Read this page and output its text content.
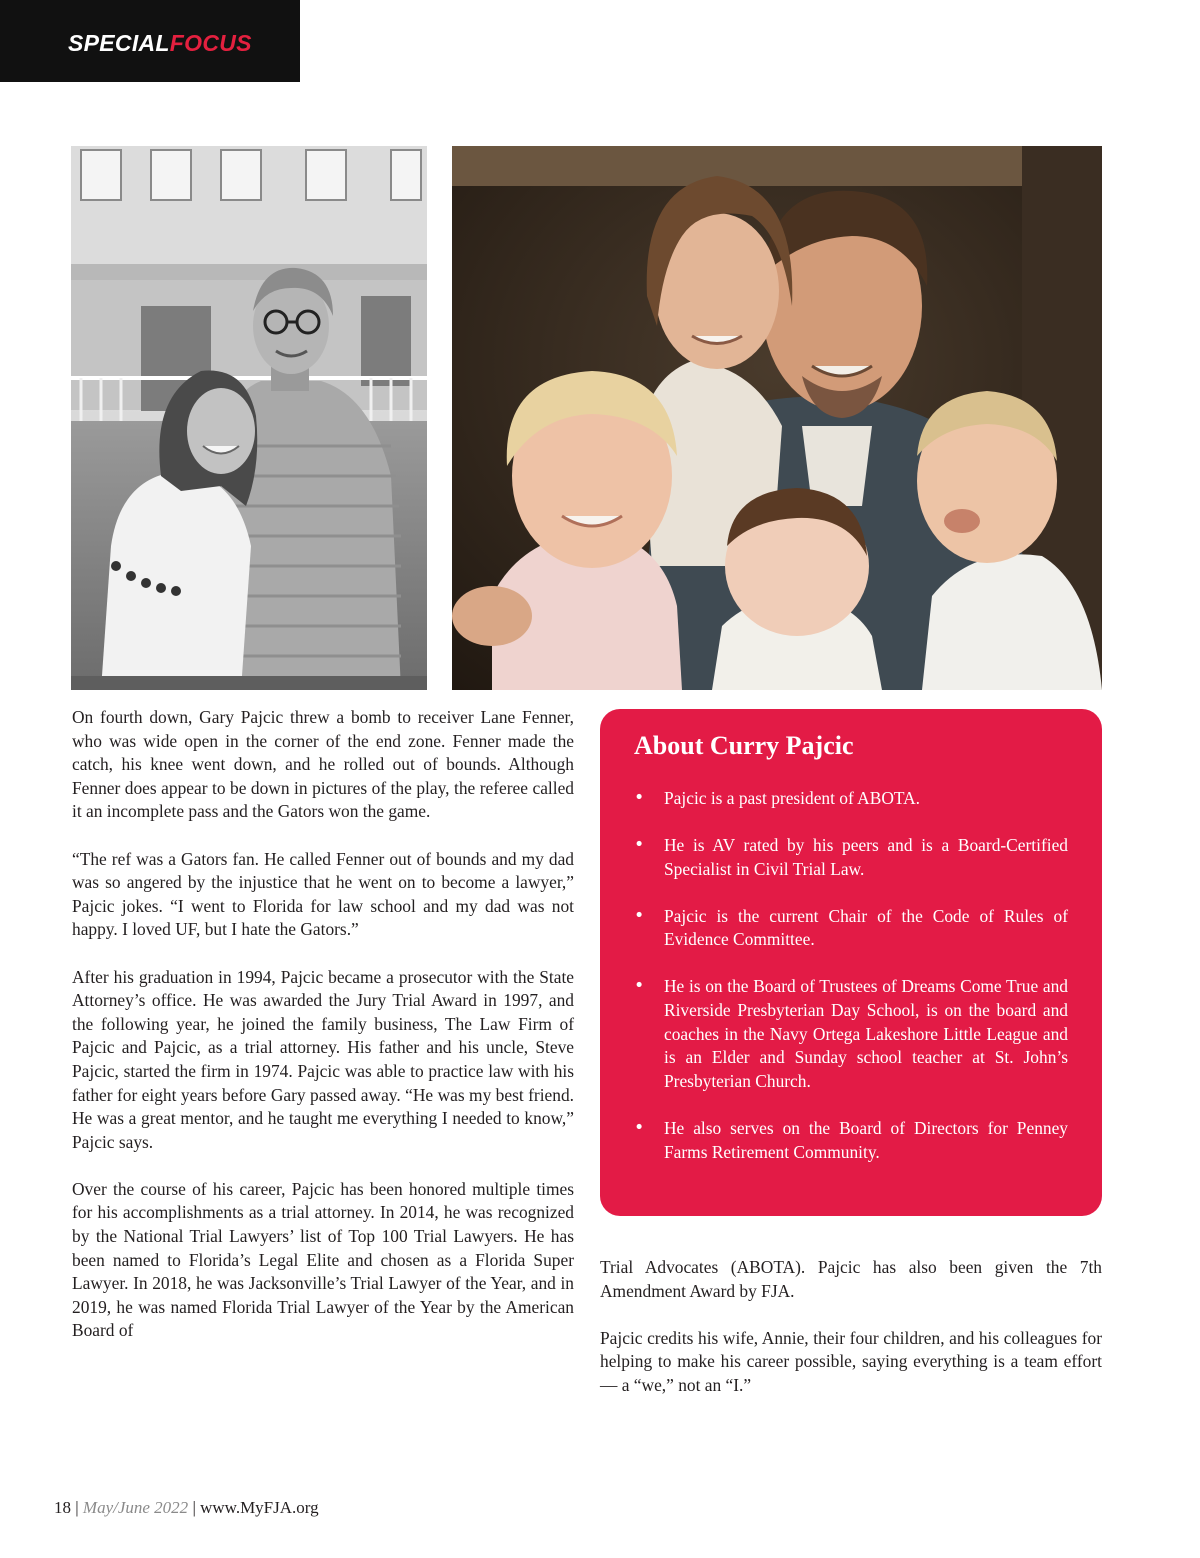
SPECIALFOCUS

On fourth down, Gary Pajcic threw a bomb to receiver Lane Fenner, who was wide open in the corner of the end zone. Fenner made the catch, his knee went down, and he rolled out of bounds. Although Fenner does appear to be down in pictures of the play, the referee called it an incomplete pass and the Gators won the game.

“The ref was a Gators fan. He called Fenner out of bounds and my dad was so angered by the injustice that he went on to become a lawyer,” Pajcic jokes. “I went to Florida for law school and my dad was not happy. I loved UF, but I hate the Gators.”

After his graduation in 1994, Pajcic became a prosecutor with the State Attorney’s office. He was awarded the Jury Trial Award in 1997, and the following year, he joined the family business, The Law Firm of Pajcic and Pajcic, as a trial attorney. His father and his uncle, Steve Pajcic, started the firm in 1974. Pajcic was able to practice law with his father for eight years before Gary passed away. “He was my best friend. He was a great mentor, and he taught me everything I needed to know,” Pajcic says.

Over the course of his career, Pajcic has been honored multiple times for his accomplishments as a trial attorney. In 2014, he was recognized by the National Trial Lawyers’ list of Top 100 Trial Lawyers. He has been named to Florida’s Legal Elite and chosen as a Florida Super Lawyer. In 2018, he was Jacksonville’s Trial Lawyer of the Year, and in 2019, he was named Florida Trial Lawyer of the Year by the American Board of

About Curry Pajcic
• Pajcic is a past president of ABOTA.
• He is AV rated by his peers and is a Board-Certified Specialist in Civil Trial Law.
• Pajcic is the current Chair of the Code of Rules of Evidence Committee.
• He is on the Board of Trustees of Dreams Come True and Riverside Presbyterian Day School, is on the board and coaches in the Navy Ortega Lakeshore Little League and is an Elder and Sunday school teacher at St. John’s Presbyterian Church.
• He also serves on the Board of Directors for Penney Farms Retirement Community.

Trial Advocates (ABOTA). Pajcic has also been given the 7th Amendment Award by FJA.

Pajcic credits his wife, Annie, their four children, and his colleagues for helping to make his career possible, saying everything is a team effort — a “we,” not an “I.”

18 | May/June 2022 | www.MyFJA.org
